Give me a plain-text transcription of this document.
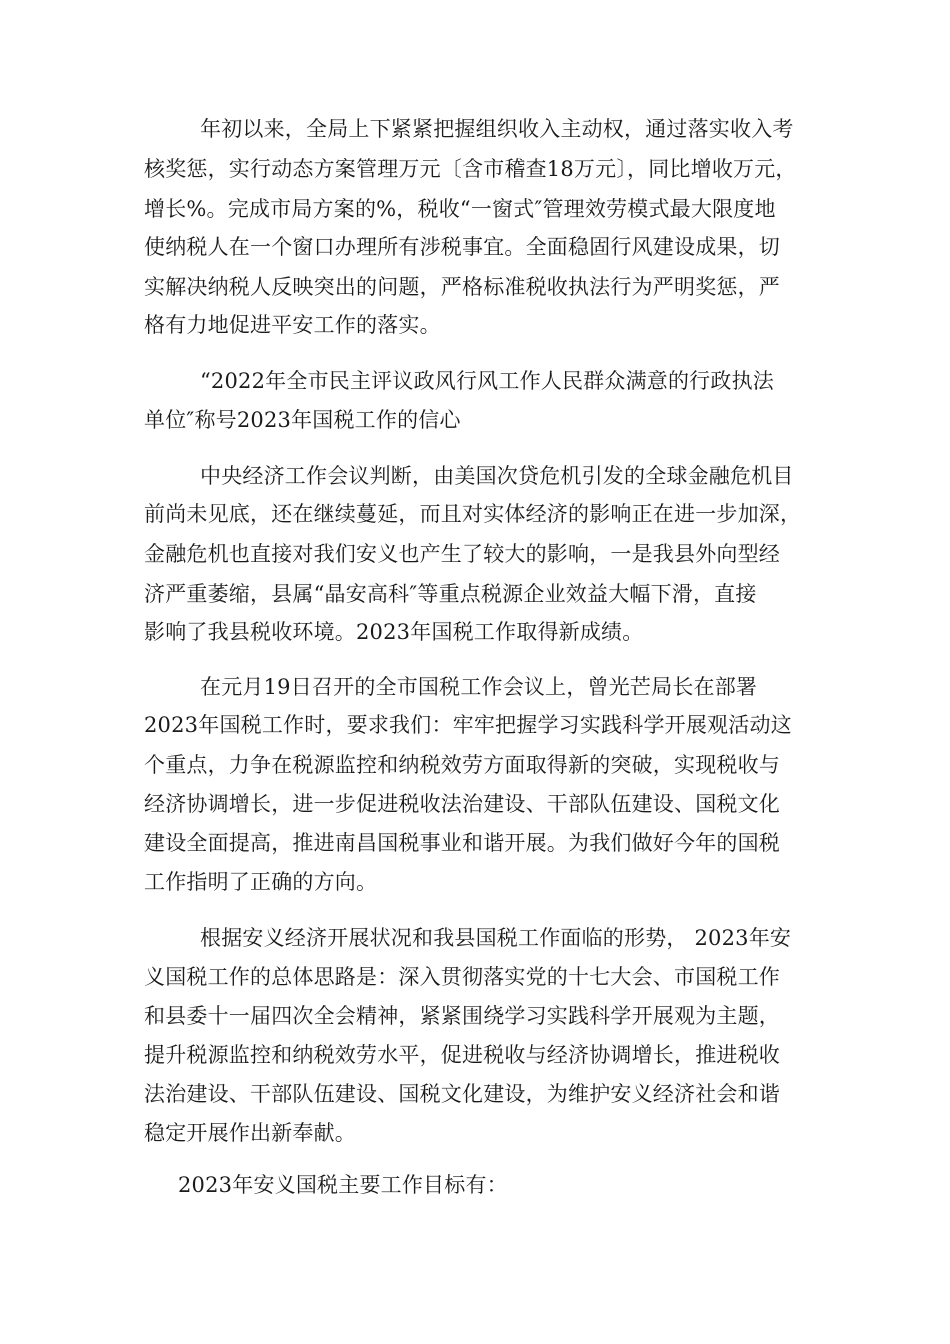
年初以来，全局上下紧紧把握组织收入主动权，通过落实收入考
核奖惩，实行动态方案管理万元〔含市稽查18万元〕，同比增收万元，
增长%。完成市局方案的%，税收“一窗式″管理效劳模式最大限度地
使纳税人在一个窗口办理所有涉税事宜。全面稳固行风建设成果，切
实解决纳税人反映突出的问题，严格标准税收执法行为严明奖惩，严
格有力地促进平安工作的落实。
“2022年全市民主评议政风行风工作人民群众满意的行政执法
单位″称号2023年国税工作的信心
中央经济工作会议判断，由美国次贷危机引发的全球金融危机目
前尚未见底，还在继续蔓延，而且对实体经济的影响正在进一步加深，
金融危机也直接对我们安义也产生了较大的影响，一是我县外向型经
济严重萎缩，县属“晶安高科″等重点税源企业效益大幅下滑，直接
影响了我县税收环境。2023年国税工作取得新成绩。
在元月19日召开的全市国税工作会议上，曾光芒局长在部署
2023年国税工作时，要求我们：牢牢把握学习实践科学开展观活动这
个重点，力争在税源监控和纳税效劳方面取得新的突破，实现税收与
经济协调增长，进一步促进税收法治建设、干部队伍建设、国税文化
建设全面提高，推进南昌国税事业和谐开展。为我们做好今年的国税
工作指明了正确的方向。
根据安义经济开展状况和我县国税工作面临的形势， 2023年安
义国税工作的总体思路是：深入贯彻落实党的十七大会、市国税工作
和县委十一届四次全会精神，紧紧围绕学习实践科学开展观为主题，
提升税源监控和纳税效劳水平，促进税收与经济协调增长，推进税收
法治建设、干部队伍建设、国税文化建设，为维护安义经济社会和谐
稳定开展作出新奉献。
2023年安义国税主要工作目标有：
